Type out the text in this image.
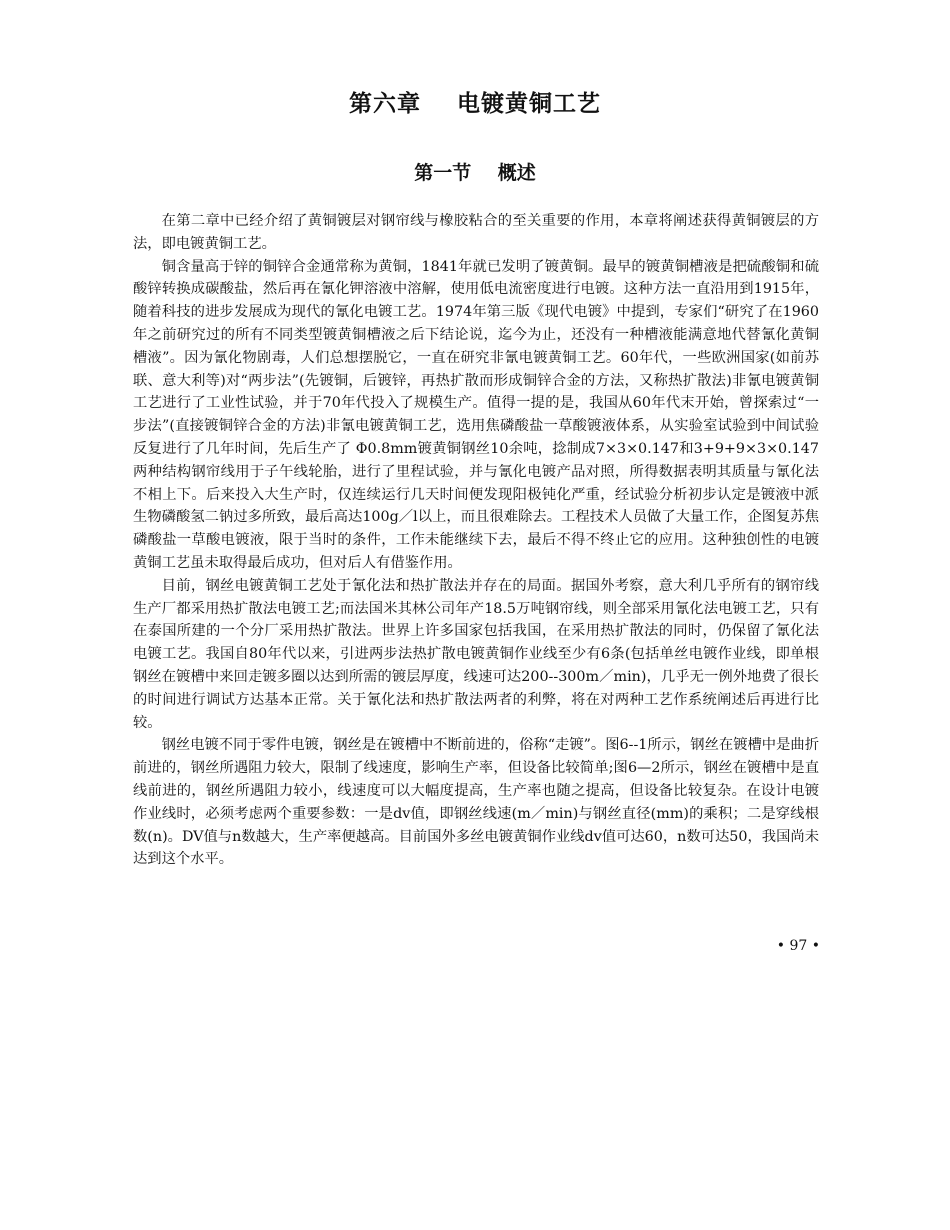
第六章    电镀黄铜工艺
第一节    概述

在第二章中已经介绍了黄铜镀层对钢帘线与橡胶粘合的至关重要的作用，本章将阐述获得黄铜镀层的方法，即电镀黄铜工艺。

铜含量高于锌的铜锌合金通常称为黄铜，1841年就已发明了镀黄铜。最早的镀黄铜槽液是把硫酸铜和硫酸锌转换成碳酸盐，然后再在氰化钾溶液中溶解，使用低电流密度进行电镀。这种方法一直沿用到1915年，随着科技的进步发展成为现代的氰化电镀工艺。1974年第三版《现代电镀》中提到，专家们“研究了在1960年之前研究过的所有不同类型镀黄铜槽液之后下结论说，迄今为止，还没有一种槽液能满意地代替氰化黄铜槽液”。因为氰化物剧毒，人们总想摆脱它，一直在研究非氰电镀黄铜工艺。60年代，一些欧洲国家(如前苏联、意大利等)对“两步法”(先镀铜，后镀锌，再热扩散而形成铜锌合金的方法，又称热扩散法)非氰电镀黄铜工艺进行了工业性试验，并于70年代投入了规模生产。值得一提的是，我国从60年代末开始，曾探索过“一步法”(直接镀铜锌合金的方法)非氰电镀黄铜工艺，选用焦磷酸盐一草酸镀液体系，从实验室试验到中间试验反复进行了几年时间，先后生产了 Φ0.8mm镀黄铜钢丝10余吨，捻制成7×3×0.147和3+9+9×3×0.147两种结构钢帘线用于子午线轮胎，进行了里程试验，并与氰化电镀产品对照，所得数据表明其质量与氰化法不相上下。后来投入大生产时，仅连续运行几天时间便发现阳极钝化严重，经试验分析初步认定是镀液中派生物磷酸氢二钠过多所致，最后高达100g／l以上，而且很难除去。工程技术人员做了大量工作，企图复苏焦磷酸盐一草酸电镀液，限于当时的条件，工作未能继续下去，最后不得不终止它的应用。这种独创性的电镀黄铜工艺虽未取得最后成功，但对后人有借鉴作用。

目前，钢丝电镀黄铜工艺处于氰化法和热扩散法并存在的局面。据国外考察，意大利几乎所有的钢帘线生产厂都采用热扩散法电镀工艺;而法国米其林公司年产18.5万吨钢帘线，则全部采用氰化法电镀工艺，只有在泰国所建的一个分厂采用热扩散法。世界上许多国家包括我国，在采用热扩散法的同时，仍保留了氰化法电镀工艺。我国自80年代以来，引进两步法热扩散电镀黄铜作业线至少有6条(包括单丝电镀作业线，即单根钢丝在镀槽中来回走镀多圈以达到所需的镀层厚度，线速可达200--300m／min)，几乎无一例外地费了很长的时间进行调试方达基本正常。关于氰化法和热扩散法两者的利弊，将在对两种工艺作系统阐述后再进行比较。

钢丝电镀不同于零件电镀，钢丝是在镀槽中不断前进的，俗称“走镀”。图6--1所示，钢丝在镀槽中是曲折前进的，钢丝所遇阻力较大，限制了线速度，影响生产率，但设备比较简单;图6—2所示，钢丝在镀槽中是直线前进的，钢丝所遇阻力较小，线速度可以大幅度提高，生产率也随之提高，但设备比较复杂。在设计电镀作业线时，必须考虑两个重要参数：一是dv值，即钢丝线速(m／min)与钢丝直径(mm)的乘积；二是穿线根数(n)。DV值与n数越大，生产率便越高。目前国外多丝电镀黄铜作业线dv值可达60，n数可达50，我国尚未达到这个水平。

• 97 •
